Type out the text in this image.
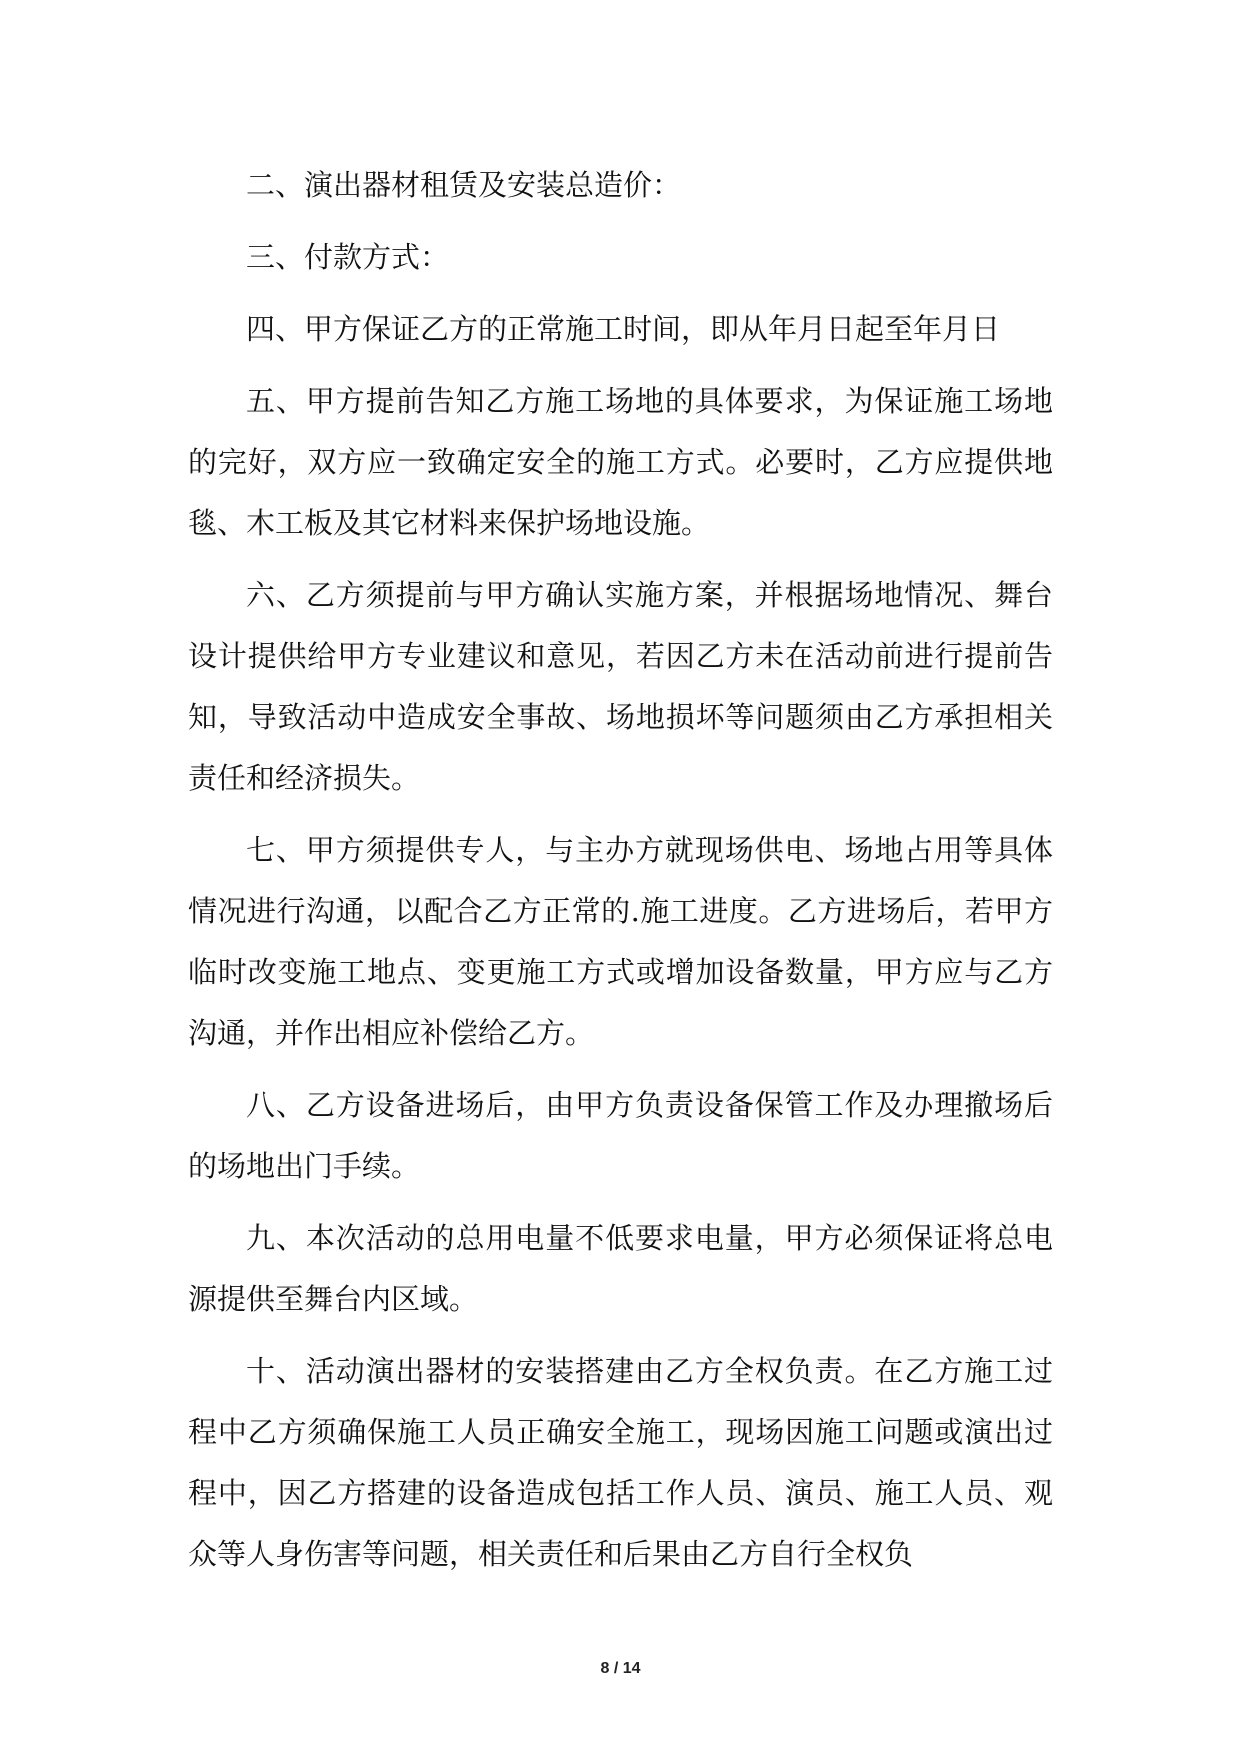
二、演出器材租赁及安装总造价：

三、付款方式：

四、甲方保证乙方的正常施工时间，即从年月日起至年月日

五、甲方提前告知乙方施工场地的具体要求，为保证施工场地的完好，双方应一致确定安全的施工方式。必要时，乙方应提供地毯、木工板及其它材料来保护场地设施。

六、乙方须提前与甲方确认实施方案，并根据场地情况、舞台设计提供给甲方专业建议和意见，若因乙方未在活动前进行提前告知，导致活动中造成安全事故、场地损坏等问题须由乙方承担相关责任和经济损失。

七、甲方须提供专人，与主办方就现场供电、场地占用等具体情况进行沟通，以配合乙方正常的.施工进度。乙方进场后，若甲方临时改变施工地点、变更施工方式或增加设备数量，甲方应与乙方沟通，并作出相应补偿给乙方。

八、乙方设备进场后，由甲方负责设备保管工作及办理撤场后的场地出门手续。

九、本次活动的总用电量不低要求电量，甲方必须保证将总电源提供至舞台内区域。

十、活动演出器材的安装搭建由乙方全权负责。在乙方施工过程中乙方须确保施工人员正确安全施工，现场因施工问题或演出过程中，因乙方搭建的设备造成包括工作人员、演员、施工人员、观众等人身伤害等问题，相关责任和后果由乙方自行全权负

8 / 14
